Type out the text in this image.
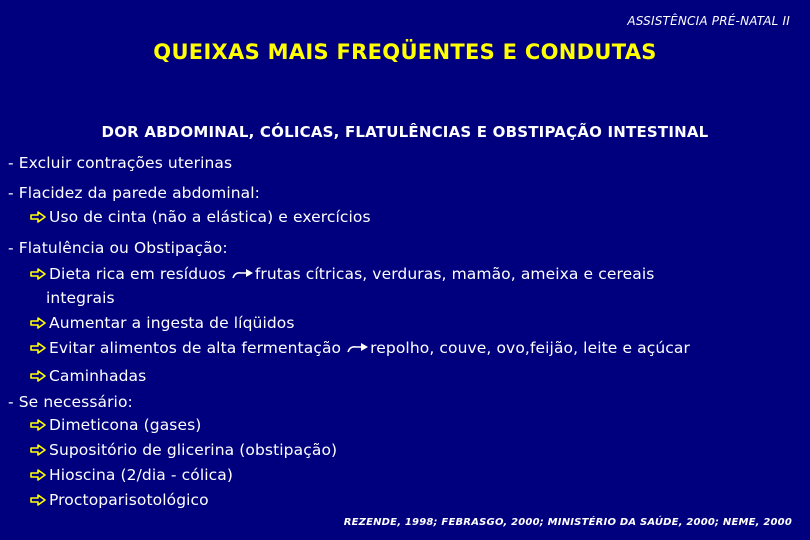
ASSISTÊNCIA PRÉ-NATAL II
QUEIXAS MAIS FREQÜENTES E CONDUTAS
DOR ABDOMINAL, CÓLICAS, FLATULÊNCIAS E OBSTIPAÇÃO INTESTINAL
- Excluir contrações uterinas
- Flacidez da parede abdominal:
Uso de cinta (não a elástica) e exercícios
- Flatulência ou Obstipação:
Dieta rica em resíduos frutas cítricas, verduras, mamão, ameixa e cereais
integrais
Aumentar a ingesta de líqüidos
Evitar alimentos de alta fermentação repolho, couve, ovo,feijão, leite e açúcar
Caminhadas
- Se necessário:
Dimeticona (gases)
Supositório de glicerina (obstipação)
Hioscina (2/dia - cólica)
Proctoparisotológico
REZENDE, 1998; FEBRASGO, 2000; MINISTÉRIO DA SAÚDE, 2000; NEME, 2000
